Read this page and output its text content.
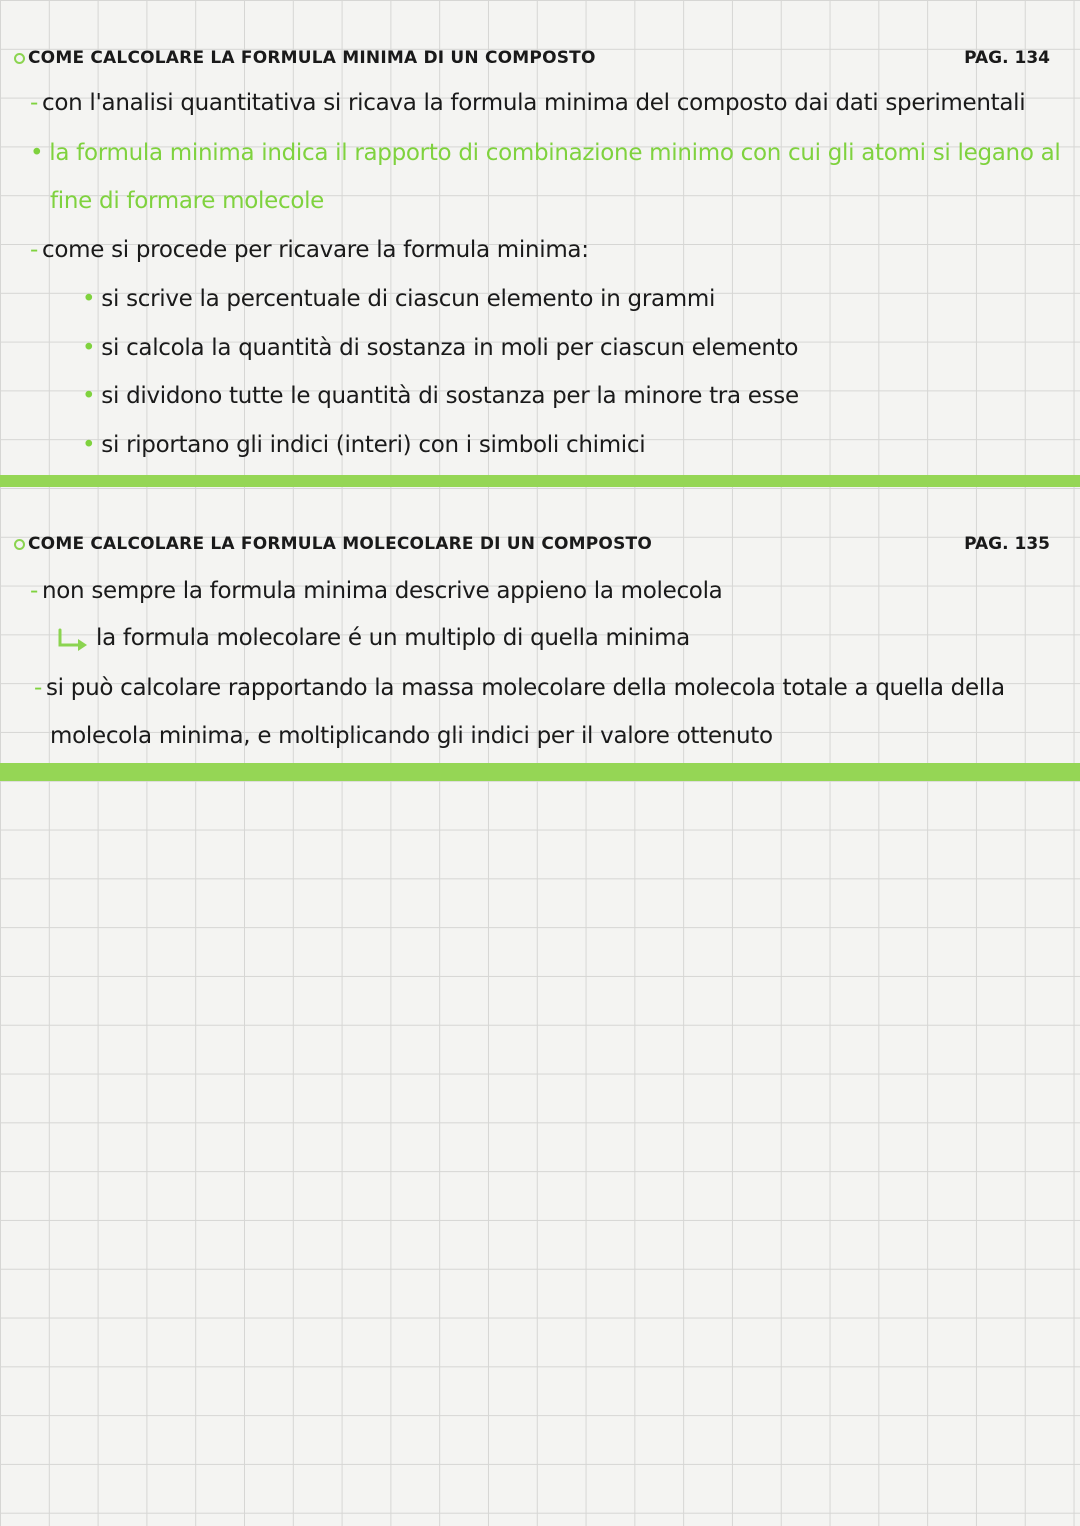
COME CALCOLARE LA FORMULA MINIMA DI UN COMPOSTO	PAG. 134
- con l'analisi quantitativa si ricava la formula minima del composto dai dati sperimentali
• la formula minima indica il rapporto di combinazione minimo con cui gli atomi si legano al
fine di formare molecole
- come si procede per ricavare la formula minima:
• si scrive la percentuale di ciascun elemento in grammi
• si calcola la quantità di sostanza in moli per ciascun elemento
• si dividono tutte le quantità di sostanza per la minore tra esse
• si riportano gli indici (interi) con i simboli chimici
COME CALCOLARE LA FORMULA MOLECOLARE DI UN COMPOSTO	PAG. 135
- non sempre la formula minima descrive appieno la molecola
la formula molecolare é un multiplo di quella minima
- si può calcolare rapportando la massa molecolare della molecola totale a quella della
molecola minima, e moltiplicando gli indici per il valore ottenuto
